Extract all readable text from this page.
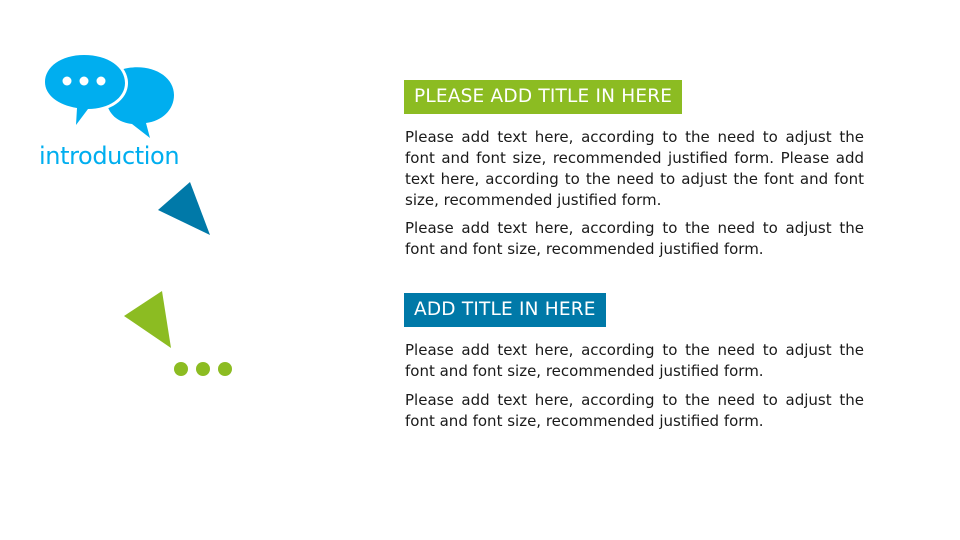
introduction
PLEASE ADD TITLE IN HERE

Please add text here, according to the need to adjust the font and font size, recommended justified form. Please add text here, according to the need to adjust the font and font size, recommended justified form.

Please add text here, according to the need to adjust the font and font size, recommended justified form.

ADD TITLE IN HERE

Please add text here, according to the need to adjust the font and font size, recommended justified form.

Please add text here, according to the need to adjust the font and font size, recommended justified form.
